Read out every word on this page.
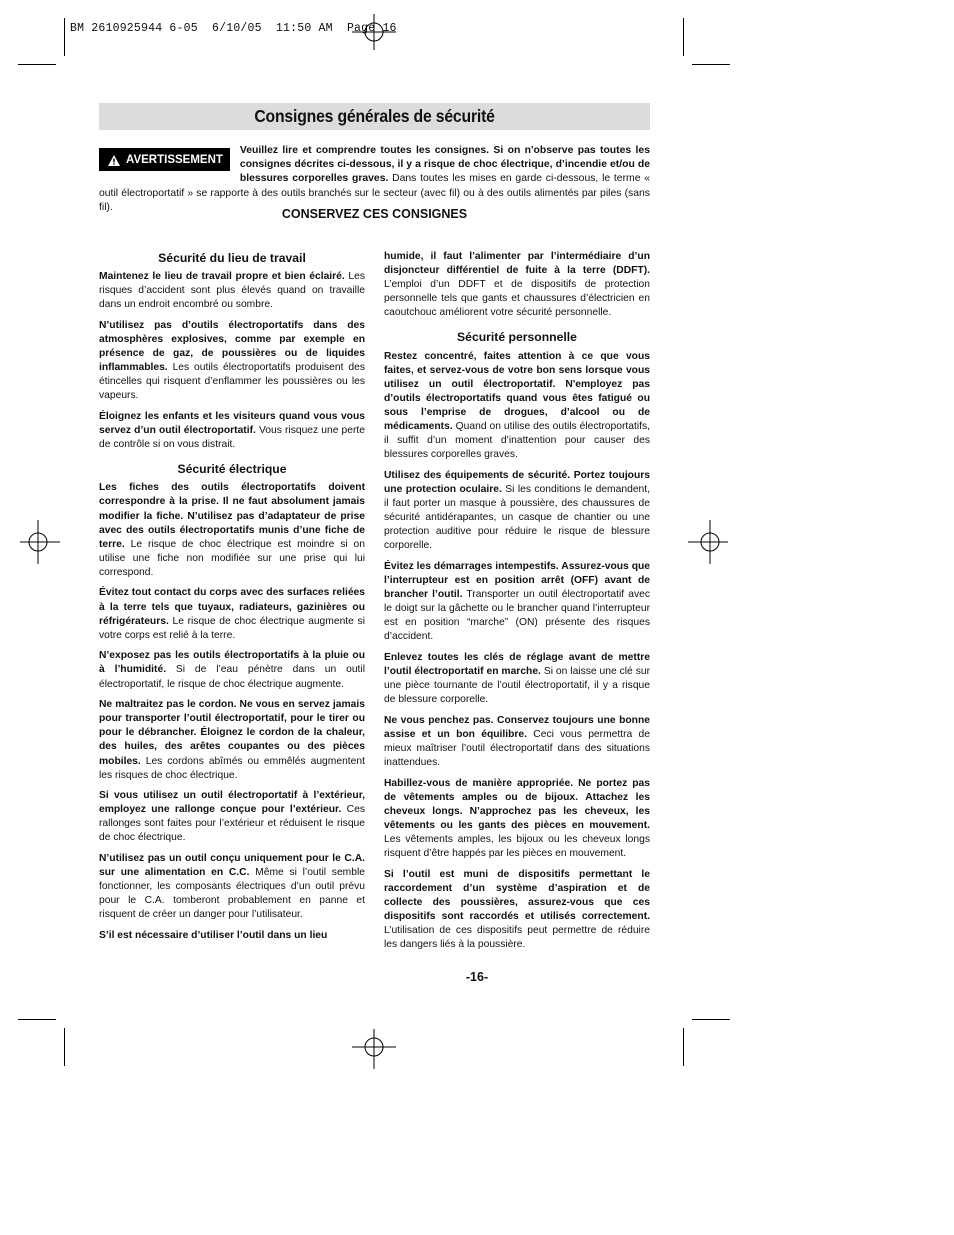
BM 2610925944 6-05  6/10/05  11:50 AM  Page 16
Consignes générales de sécurité
AVERTISSEMENT
Veuillez lire et comprendre toutes les consignes. Si on n'observe pas toutes les consignes décrites ci-dessous, il y a risque de choc électrique, d’incendie et/ou de blessures corporelles graves. Dans toutes les mises en garde ci-dessous, le terme « outil électroportatif » se rapporte à des outils branchés sur le secteur (avec fil) ou à des outils alimentés par piles (sans fil).	CONSERVEZ CES CONSIGNES
Sécurité du lieu de travail

Maintenez le lieu de travail propre et bien éclairé. Les risques d’accident sont plus élevés quand on travaille dans un endroit encombré ou sombre.

N’utilisez pas d’outils électroportatifs dans des atmosphères explosives, comme par exemple en présence de gaz, de poussières ou de liquides inflammables. Les outils électroportatifs produisent des étincelles qui risquent d’enflammer les poussières ou les vapeurs.

Éloignez les enfants et les visiteurs quand vous vous servez d’un outil électroportatif. Vous risquez une perte de contrôle si on vous distrait.

Sécurité électrique

Les fiches des outils électroportatifs doivent correspondre à la prise. Il ne faut absolument jamais modifier la fiche. N’utilisez pas d’adaptateur de prise avec des outils électroportatifs munis d’une fiche de terre. Le risque de choc électrique est moindre si on utilise une fiche non modifiée sur une prise qui lui correspond.

Évitez tout contact du corps avec des surfaces reliées à la terre tels que tuyaux, radiateurs, gazinières ou réfrigérateurs. Le risque de choc électrique augmente si votre corps est relié à la terre.

N’exposez pas les outils électroportatifs à la pluie ou à l’humidité. Si de l’eau pénètre dans un outil électroportatif, le risque de choc électrique augmente.

Ne maltraitez pas le cordon. Ne vous en servez jamais pour transporter l’outil électroportatif, pour le tirer ou pour le débrancher. Éloignez le cordon de la chaleur, des huiles, des arêtes coupantes ou des pièces mobiles. Les cordons abîmés ou emmêlés augmentent les risques de choc électrique.

Si vous utilisez un outil électroportatif à l’extérieur, employez une rallonge conçue pour l’extérieur. Ces rallonges sont faites pour l’extérieur et réduisent le risque de choc électrique.

N’utilisez pas un outil conçu uniquement pour le C.A. sur une alimentation en C.C. Même si l’outil semble fonctionner, les composants électriques d’un outil prévu pour le C.A. tomberont probablement en panne et risquent de créer un danger pour l’utilisateur.

S’il est nécessaire d’utiliser l’outil dans un lieu

humide, il faut l’alimenter par l’intermédiaire d’un disjoncteur différentiel de fuite à la terre (DDFT). L’emploi d’un DDFT et de dispositifs de protection personnelle tels que gants et chaussures d’électricien en caoutchouc améliorent votre sécurité personnelle.

Sécurité personnelle

Restez concentré, faites attention à ce que vous faites, et servez-vous de votre bon sens lorsque vous utilisez un outil électroportatif. N'employez pas d’outils électroportatifs quand vous êtes fatigué ou sous l’emprise de drogues, d’alcool ou de médicaments. Quand on utilise des outils électroportatifs, il suffit d’un moment d’inattention pour causer des blessures corporelles graves.

Utilisez des équipements de sécurité. Portez toujours une protection oculaire. Si les conditions le demandent, il faut porter un masque à poussière, des chaussures de sécurité antidérapantes, un casque de chantier ou une protection auditive pour réduire le risque de blessure corporelle.

Évitez les démarrages intempestifs. Assurez-vous que l’interrupteur est en position arrêt (OFF) avant de brancher l’outil. Transporter un outil électroportatif avec le doigt sur la gâchette ou le brancher quand l’interrupteur est en position “marche” (ON) présente des risques d’accident.

Enlevez toutes les clés de réglage avant de mettre l’outil électroportatif en marche. Si on laisse une clé sur une pièce tournante de l’outil électroportatif, il y a risque de blessure corporelle.

Ne vous penchez pas. Conservez toujours une bonne assise et un bon équilibre. Ceci vous permettra de mieux maîtriser l’outil électroportatif dans des situations inattendues.

Habillez-vous de manière appropriée. Ne portez pas de vêtements amples ou de bijoux. Attachez les cheveux longs. N’approchez pas les cheveux, les vêtements ou les gants des pièces en mouvement. Les vêtements amples, les bijoux ou les cheveux longs risquent d’être happés par les pièces en mouvement.

Si l’outil est muni de dispositifs permettant le raccordement d’un système d’aspiration et de collecte des poussières, assurez-vous que ces dispositifs sont raccordés et utilisés correctement. L’utilisation de ces dispositifs peut permettre de réduire les dangers liés à la poussière.

-16-
